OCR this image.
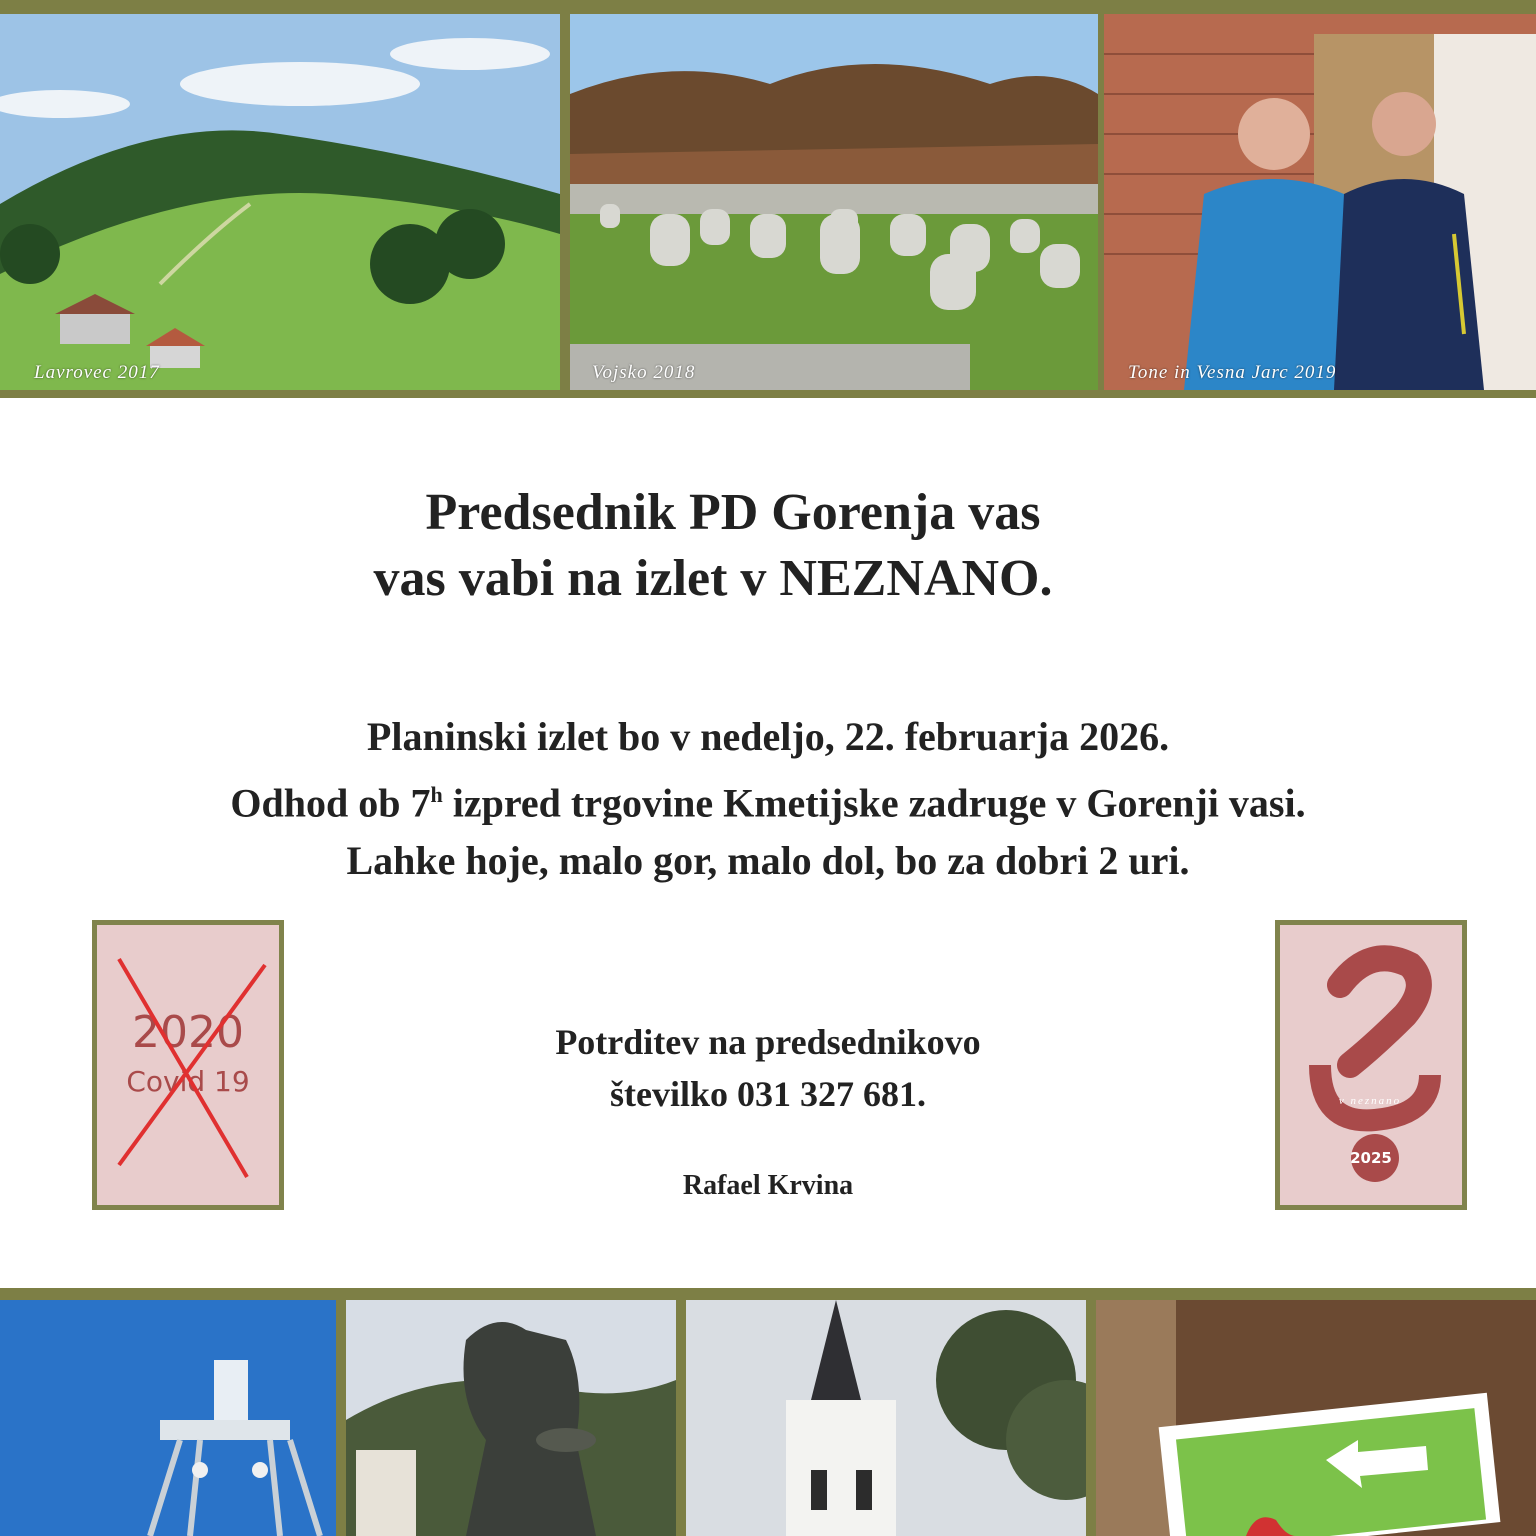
Lavrovec 2017	Vojsko 2018	Tone in Vesna Jarc 2019
Predsednik PD Gorenja vas
vas vabi na izlet v NEZNANO.
Planinski izlet bo v nedeljo, 22. februarja 2026.
Odhod ob 7$^h$ izpred trgovine Kmetijske zadruge v Gorenji vasi.
Lahke hoje, malo gor, malo dol, bo za dobri 2 uri.
2020
Covid 19
Potrditev na predsednikovo
številko 031 327 681.
Rafael Krvina
v neznano
2025
